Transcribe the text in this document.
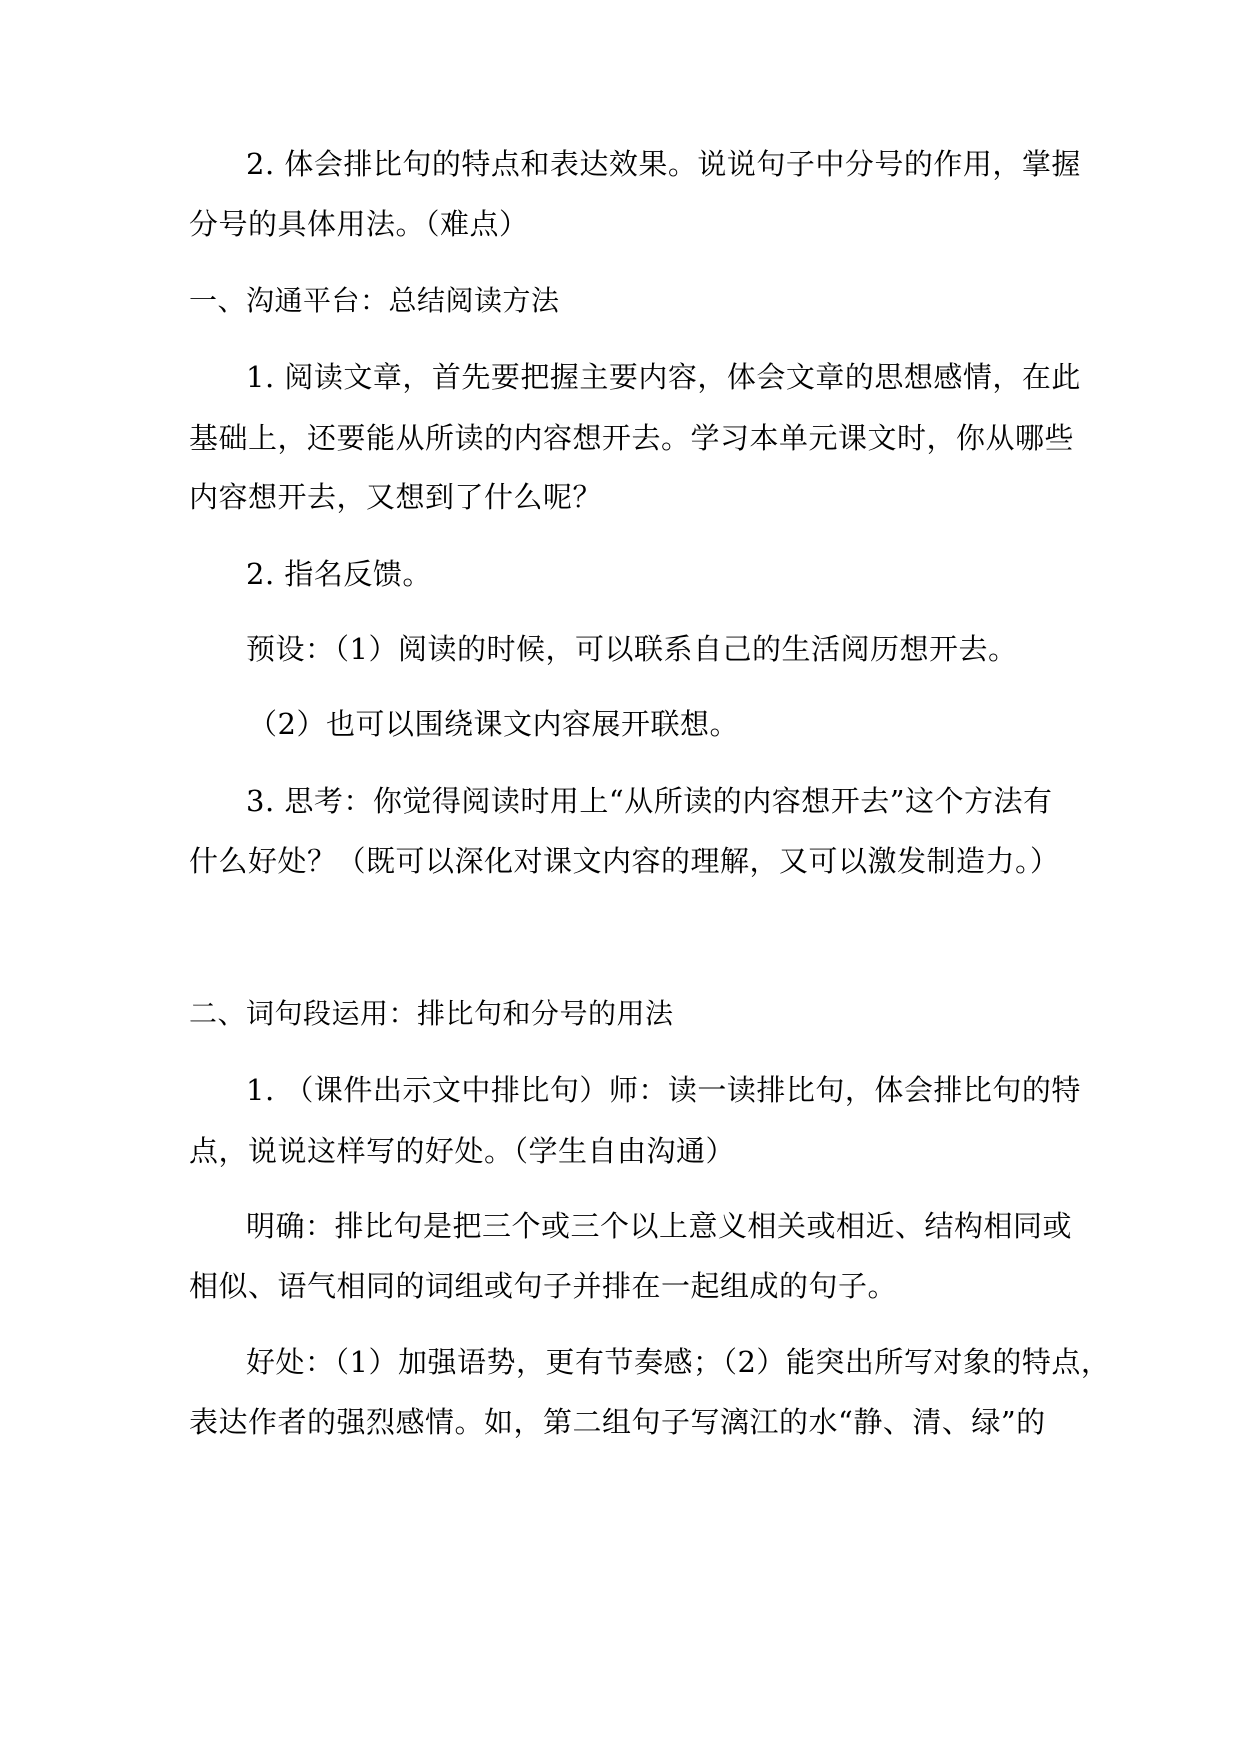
2. 体会排比句的特点和表达效果。说说句子中分号的作用，掌握
分号的具体用法。（难点）
一、沟通平台：总结阅读方法
1. 阅读文章，首先要把握主要内容，体会文章的思想感情，在此
基础上，还要能从所读的内容想开去。学习本单元课文时，你从哪些
内容想开去，又想到了什么呢？
2. 指名反馈。
预设：（1）阅读的时候，可以联系自己的生活阅历想开去。
（2）也可以围绕课文内容展开联想。
3. 思考：你觉得阅读时用上“从所读的内容想开去”这个方法有
什么好处？（既可以深化对课文内容的理解，又可以激发制造力。）
二、词句段运用：排比句和分号的用法
1. （课件出示文中排比句）师：读一读排比句，体会排比句的特
点，说说这样写的好处。（学生自由沟通）
明确：排比句是把三个或三个以上意义相关或相近、结构相同或
相似、语气相同的词组或句子并排在一起组成的句子。
好处：（1）加强语势，更有节奏感；（2）能突出所写对象的特点，
表达作者的强烈感情。如，第二组句子写漓江的水“静、清、绿”的
